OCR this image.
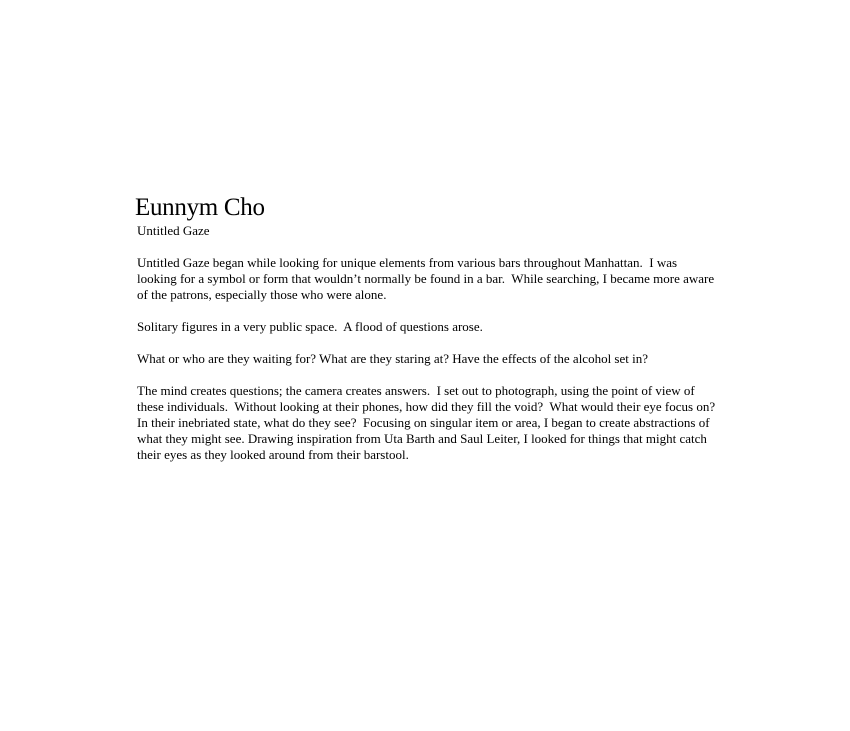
Eunnym Cho
Untitled Gaze

Untitled Gaze began while looking for unique elements from various bars throughout Manhattan.  I was looking for a symbol or form that wouldn’t normally be found in a bar.  While searching, I became more aware of the patrons, especially those who were alone.

Solitary figures in a very public space.  A flood of questions arose.

What or who are they waiting for? What are they staring at? Have the effects of the alcohol set in?

The mind creates questions; the camera creates answers.  I set out to photograph, using the point of view of these individuals.  Without looking at their phones, how did they fill the void?  What would their eye focus on?  In their inebriated state, what do they see?  Focusing on singular item or area, I began to create abstractions of what they might see. Drawing inspiration from Uta Barth and Saul Leiter, I looked for things that might catch their eyes as they looked around from their barstool.
